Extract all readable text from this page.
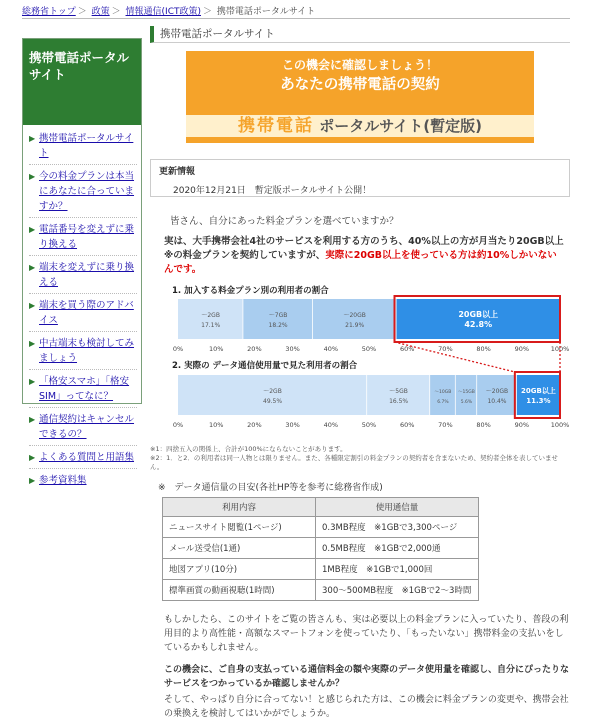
総務省トップ ＞ 政策 ＞ 情報通信(ICT政策) ＞ 携帯電話ポータルサイト
携帯電話ポータルサイト
▶ 携帯電話ポータルサイト
▶ 今の料金プランは本当にあなたに合っていますか？
▶ 電話番号を変えずに乗り換える
▶ 端末を変えずに乗り換える
▶ 端末を買う際のアドバイス
▶ 中古端末も検討してみましょう
▶ 「格安スマホ」「格安SIM」ってなに？
▶ 通信契約はキャンセルできるの？
▶ よくある質問と用語集
▶ 参考資料集
携帯電話ポータルサイト
この機会に確認しましょう！
あなたの携帯電話の契約
携帯電話 ポータルサイト(暫定版)
更新情報
2020年12月21日　暫定版ポータルサイト公開！
皆さん、自分にあった料金プランを選べていますか？
実は、大手携帯会社4社のサービスを利用する方のうち、40%以上の方が月当たり20GB以上※の料金プランを契約していますが、実際に20GB以上を使っている方は約10%しかいないんです。
1. 加入する料金プラン別の利用者の割合
～2GB
17.1%
～7GB
18.2%
～20GB
21.9%
20GB以上
42.8%
0%	10%	20%	30%	40%	50%	60%	70%	80%	90%	100%
2. 実際の データ通信使用量で見た利用者の割合
～2GB
49.5%
～5GB
16.5%
～10GB
6.7%
～15GB
5.6%
～20GB
10.4%
20GB以上
11.3%
0%	10%	20%	30%	40%	50%	60%	70%	80%	90%	100%
※1：四捨五入の関係上、合計が100%にならないことがあります。
※2：1．と2．の利用者は同一人物とは限りません。また、各種限定割引の料金プランの契約者を含まないため、契約者全体を表していません。
※　データ通信量の目安(各社HP等を参考に総務省作成)
利用内容	使用通信量
ニュースサイト閲覧(1ページ)	0.3MB程度　※1GBで3,300ページ
メール送受信(1通)	0.5MB程度　※1GBで2,000通
地図アプリ(10分)	1MB程度　※1GBで1,000回
標準画質の動画視聴(1時間)	300～500MB程度　※1GBで2～3時間
もしかしたら、このサイトをご覧の皆さんも、実は必要以上の料金プランに入っていたり、普段の利用目的より高性能・高額なスマートフォンを使っていたり、「もったいない」携帯料金の支払いをしているかもしれません。
この機会に、ご自身の支払っている通信料金の額や実際のデータ使用量を確認し、自分にぴったりなサービスをつかっているか確認しませんか？
そして、やっぱり自分に合ってない！と感じられた方は、この機会に料金プランの変更や、携帯会社の乗換えを検討してはいかがでしょうか。
